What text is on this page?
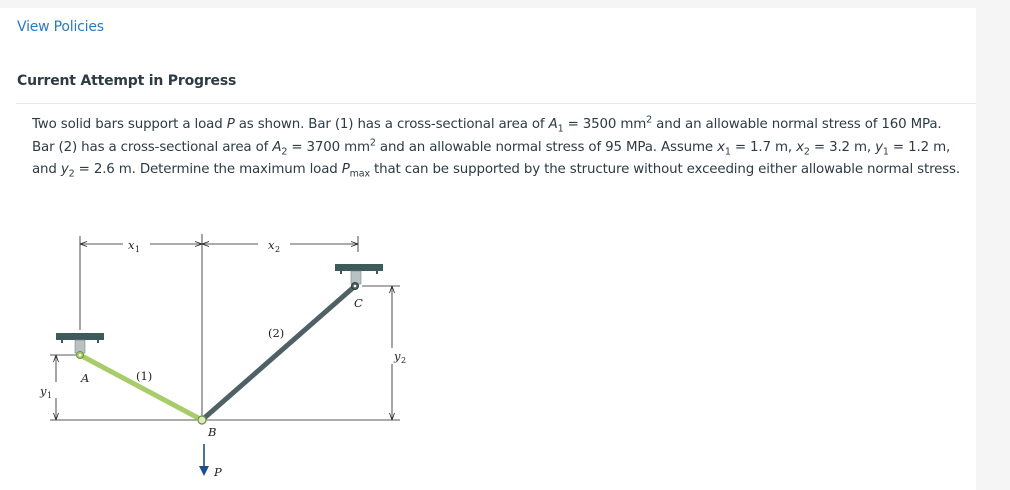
View Policies
Current Attempt in Progress
Two solid bars support a load P as shown. Bar (1) has a cross-sectional area of $A_1 = 3500$ $mm^2$ and an allowable normal stress of 160 MPa. Bar (2) has a cross-sectional area of $A_2 = 3700$ $mm^2$ and an allowable normal stress of 95 MPa. Assume $x_1 = 1.7$ m, $x_2 = 3.2$ m, $y_1 = 1.2$ m, and $y_2 = 2.6$ m. Determine the maximum load $P_{max}$ that can be supported by the structure without exceeding either allowable normal stress.
x 1	x 2
y 1
y 2
A
B
C
P
(1)
(2)
